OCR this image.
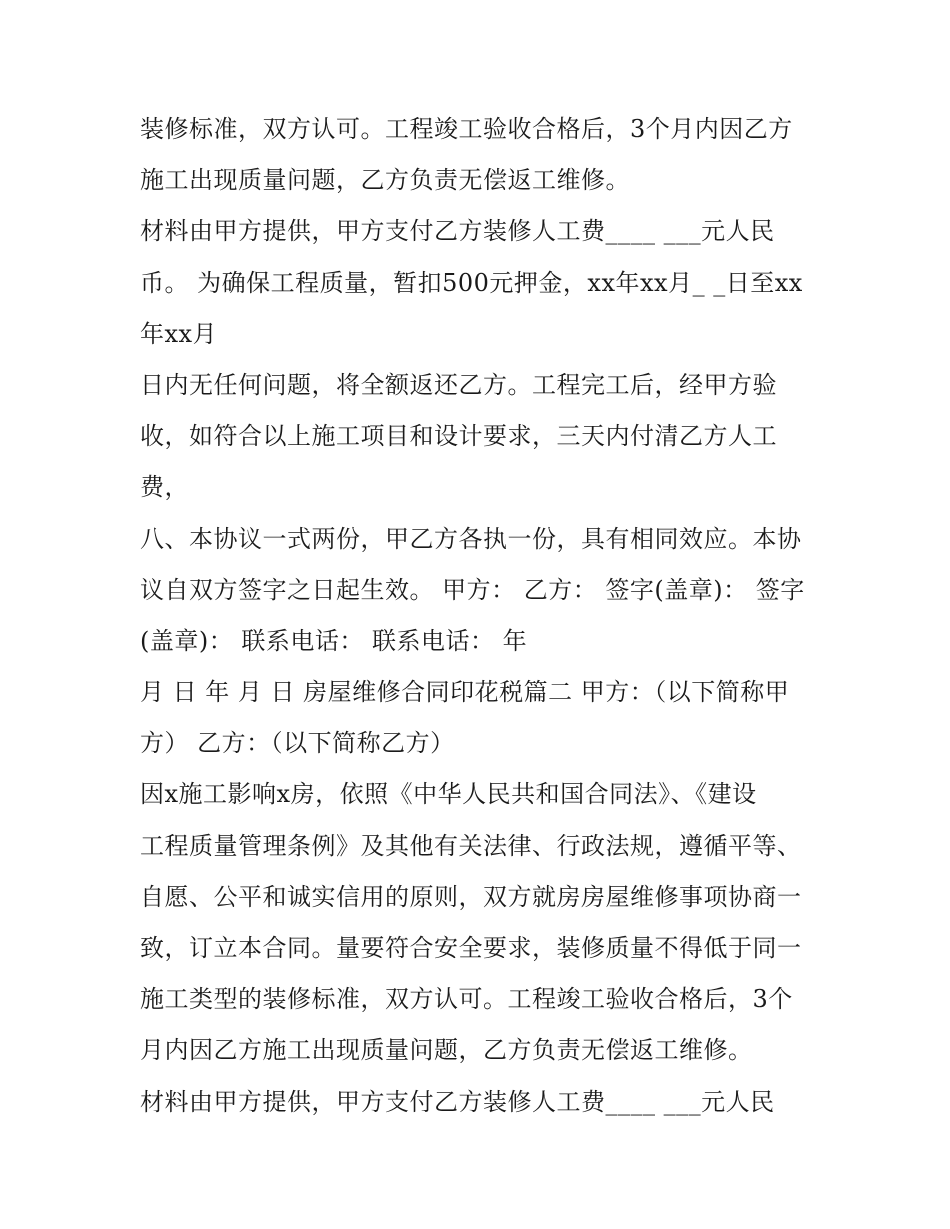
装修标准，双方认可。工程竣工验收合格后，3个月内因乙方
施工出现质量问题，乙方负责无偿返工维修。
材料由甲方提供，甲方支付乙方装修人工费____ ___元人民
币。 为确保工程质量，暂扣500元押金，xx年xx月_ _日至xx
年xx月
日内无任何问题，将全额返还乙方。工程完工后，经甲方验
收，如符合以上施工项目和设计要求，三天内付清乙方人工
费，
八、本协议一式两份，甲乙方各执一份，具有相同效应。本协
议自双方签字之日起生效。 甲方： 乙方： 签字(盖章)： 签字
(盖章)： 联系电话： 联系电话： 年
月 日 年 月 日 房屋维修合同印花税篇二 甲方：（以下简称甲
方） 乙方：（以下简称乙方）
因x施工影响x房，依照《中华人民共和国合同法》、《建设
工程质量管理条例》及其他有关法律、行政法规，遵循平等、
自愿、公平和诚实信用的原则，双方就房房屋维修事项协商一
致，订立本合同。量要符合安全要求，装修质量不得低于同一
施工类型的装修标准，双方认可。工程竣工验收合格后，3个
月内因乙方施工出现质量问题，乙方负责无偿返工维修。
材料由甲方提供，甲方支付乙方装修人工费____ ___元人民
